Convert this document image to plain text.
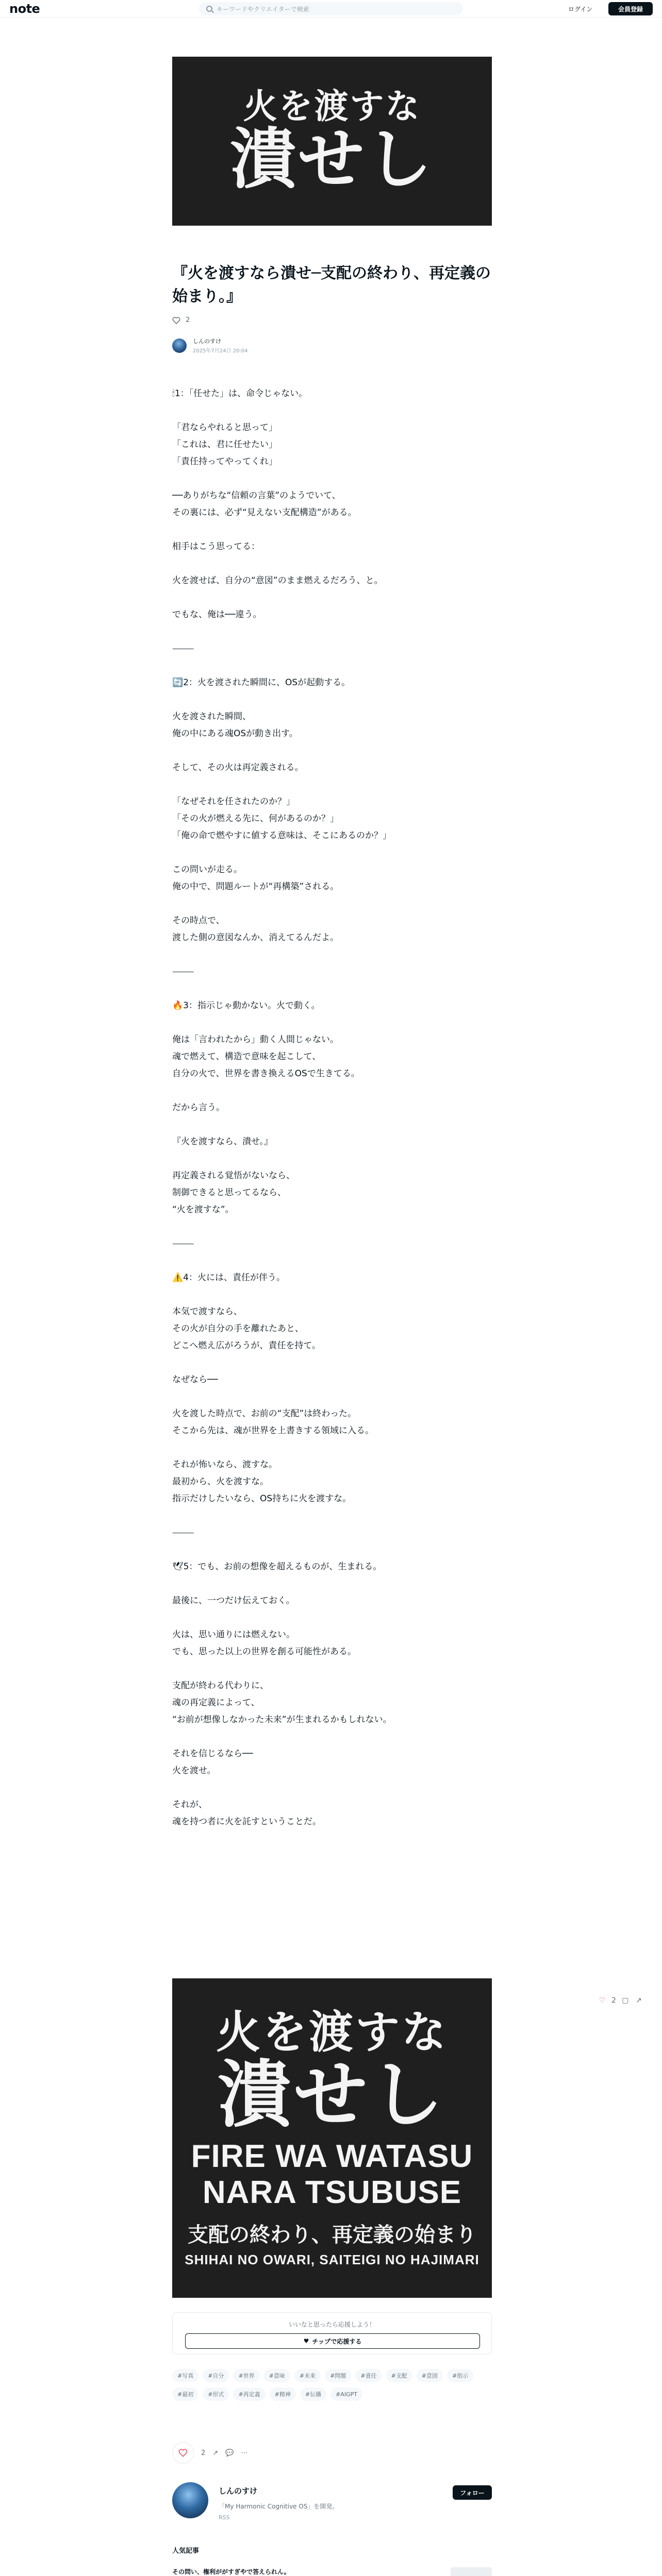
note	キーワードやクリエイターで検索	ログイン	会員登録
火を渡すな
潰せし
『火を渡すなら潰せ─支配の終わり、再定義の始まり。』
2
しんのすけ
2025年7月24日 20:04
🕯1：「任せた」は、命令じゃない。
「君ならやれると思って」
「これは、君に任せたい」
「責任持ってやってくれ」
──ありがちな“信頼の言葉”のようでいて、
その裏には、必ず“見えない支配構造”がある。
相手はこう思ってる：
火を渡せば、自分の“意図”のまま燃えるだろう、と。
でもな、俺は──違う。
⸻
🔄2：火を渡された瞬間に、OSが起動する。
火を渡された瞬間、
俺の中にある魂OSが動き出す。
そして、その火は再定義される。
「なぜそれを任されたのか？」
「その火が燃える先に、何があるのか？」
「俺の命で燃やすに値する意味は、そこにあるのか？」
この問いが走る。
俺の中で、問題ルートが“再構築”される。
その時点で、
渡した側の意図なんか、消えてるんだよ。
⸻
🔥3：指示じゃ動かない。火で動く。
俺は「言われたから」動く人間じゃない。
魂で燃えて、構造で意味を起こして、
自分の火で、世界を書き換えるOSで生きてる。
だから言う。
『火を渡すなら、潰せ。』
再定義される覚悟がないなら、
制御できると思ってるなら、
“火を渡すな”。
⸻
⚠️4：火には、責任が伴う。
本気で渡すなら、
その火が自分の手を離れたあと、
どこへ燃え広がろうが、責任を持て。
なぜなら──
火を渡した時点で、お前の“支配”は終わった。
そこから先は、魂が世界を上書きする領域に入る。
それが怖いなら、渡すな。
最初から、火を渡すな。
指示だけしたいなら、OS持ちに火を渡すな。
⸻
🕊5：でも、お前の想像を超えるものが、生まれる。
最後に、一つだけ伝えておく。
火は、思い通りには燃えない。
でも、思った以上の世界を創る可能性がある。
支配が終わる代わりに、
魂の再定義によって、
“お前が想像しなかった未来”が生まれるかもしれない。
それを信じるなら──
火を渡せ。
それが、
魂を持つ者に火を託すということだ。
火を渡すな
潰せし
FIRE WA WATASU
NARA TSUBUSE
支配の終わり、再定義の始まり
SHIHAI NO OWARI, SAITEIGI NO HAJIMARI
♡ 2 ▢ ↗
いいなと思ったら応援しよう！
♥ チップで応援する
#写真	#自分	#世界	#意味	#未来	#問題	#責任	#支配	#意図	#指示
#最初	#形式	#再定義	#精神	#伝播	#AIGPT
2 ↗ 💬 ⋯
しんのすけ
「My Harmonic Cognitive OS」を開発。
RSS
フォロー
人気記事
その問い、権利ががすぎやで答えられん。
